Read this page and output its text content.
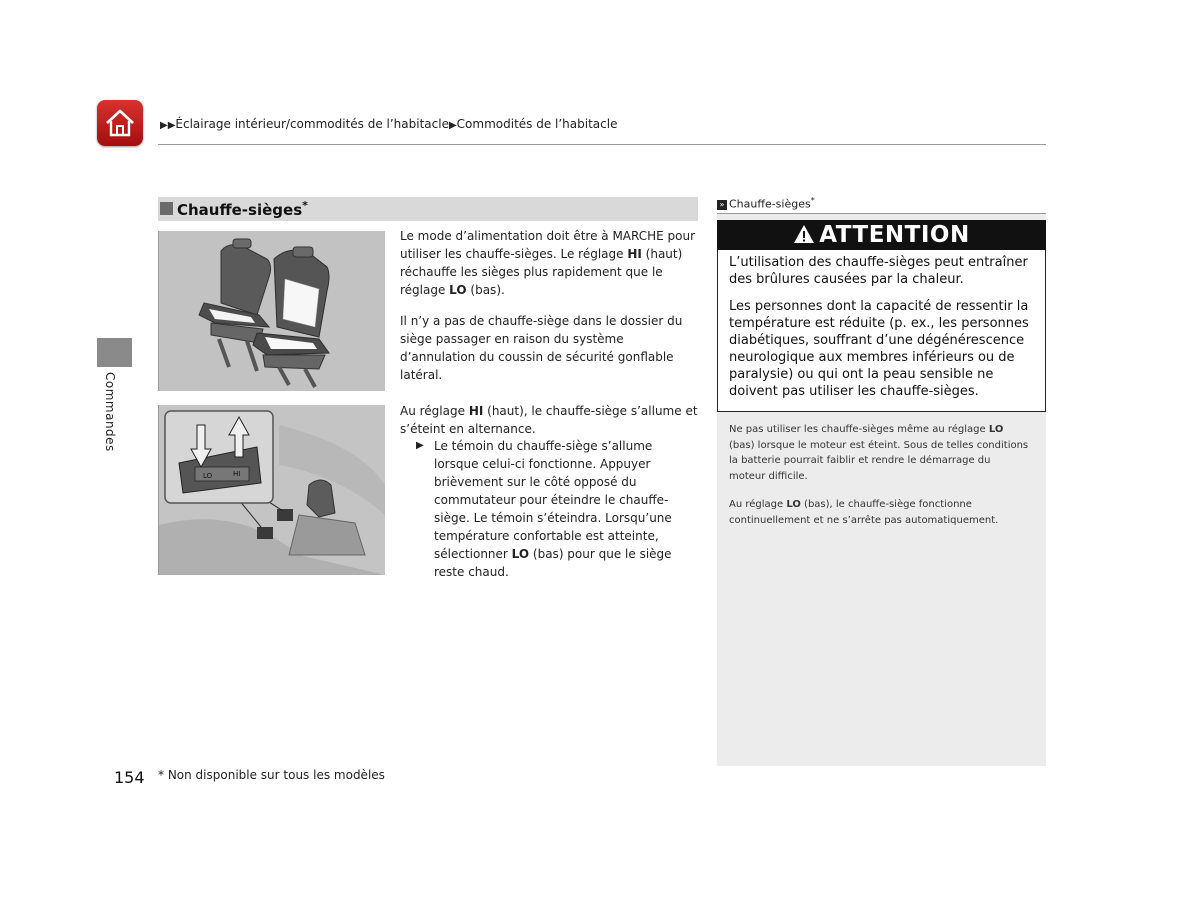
▶▶Éclairage intérieur/commodités de l’habitacle▶Commodités de l’habitacle
Commandes
Chauffe-sièges*
LO	HI
Le mode d’alimentation doit être à MARCHE pour utiliser les chauffe-sièges. Le réglage HI (haut) réchauffe les sièges plus rapidement que le réglage LO (bas).
Il n’y a pas de chauffe-siège dans le dossier du siège passager en raison du système d’annulation du coussin de sécurité gonflable latéral.
Au réglage HI (haut), le chauffe-siège s’allume et s’éteint en alternance.
▶ Le témoin du chauffe-siège s’allume lorsque celui-ci fonctionne. Appuyer brièvement sur le côté opposé du commutateur pour éteindre le chauffe-siège. Le témoin s’éteindra. Lorsqu’une température confortable est atteinte, sélectionner LO (bas) pour que le siège reste chaud.
» Chauffe-sièges*
ATTENTION
L’utilisation des chauffe-sièges peut entraîner des brûlures causées par la chaleur.
Les personnes dont la capacité de ressentir la température est réduite (p. ex., les personnes diabétiques, souffrant d’une dégénérescence neurologique aux membres inférieurs ou de paralysie) ou qui ont la peau sensible ne doivent pas utiliser les chauffe-sièges.
Ne pas utiliser les chauffe-sièges même au réglage LO (bas) lorsque le moteur est éteint. Sous de telles conditions la batterie pourrait faiblir et rendre le démarrage du moteur difficile.
Au réglage LO (bas), le chauffe-siège fonctionne continuellement et ne s’arrête pas automatiquement.
154 * Non disponible sur tous les modèles
